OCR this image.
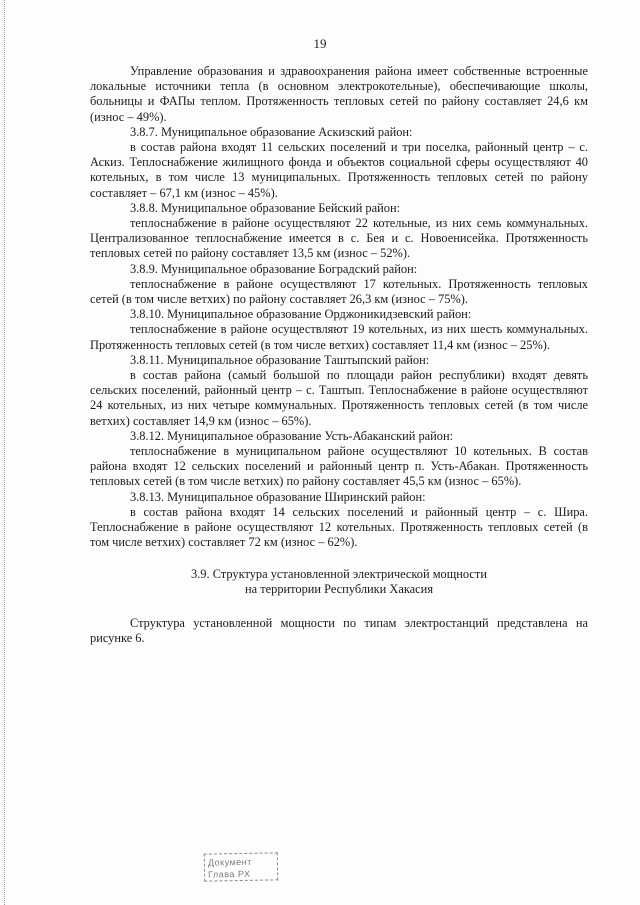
19

Управление образования и здравоохранения района имеет собственные встроенные локальные источники тепла (в основном электрокотельные), обеспечивающие школы, больницы и ФАПы теплом. Протяженность тепловых сетей по району составляет 24,6 км (износ – 49%).

3.8.7. Муниципальное образование Аскизский район:

в состав района входят 11 сельских поселений и три поселка, районный центр – с. Аскиз. Теплоснабжение жилищного фонда и объектов социальной сферы осуществляют 40 котельных, в том числе 13 муниципальных. Протяженность тепловых сетей по району составляет – 67,1 км (износ – 45%).

3.8.8. Муниципальное образование Бейский район:

теплоснабжение в районе осуществляют 22 котельные, из них семь коммунальных. Централизованное теплоснабжение имеется в с. Бея и с. Новоенисейка. Протяженность тепловых сетей по району составляет 13,5 км (износ – 52%).

3.8.9. Муниципальное образование Боградский район:

теплоснабжение в районе осуществляют 17 котельных. Протяженность тепловых сетей (в том числе ветхих) по району составляет 26,3 км (износ – 75%).

3.8.10. Муниципальное образование Орджоникидзевский район:

теплоснабжение в районе осуществляют 19 котельных, из них шесть коммунальных. Протяженность тепловых сетей (в том числе ветхих) составляет 11,4 км (износ – 25%).

3.8.11. Муниципальное образование Таштыпский район:

в состав района (самый большой по площади район республики) входят девять сельских поселений, районный центр – с. Таштып. Теплоснабжение в районе осуществляют 24 котельных, из них четыре коммунальных. Протяженность тепловых сетей (в том числе ветхих) составляет 14,9 км (износ – 65%).

3.8.12. Муниципальное образование Усть-Абаканский район:

теплоснабжение в муниципальном районе осуществляют 10 котельных. В состав района входят 12 сельских поселений и районный центр п. Усть-Абакан. Протяженность тепловых сетей (в том числе ветхих) по району составляет 45,5 км (износ – 65%).

3.8.13. Муниципальное образование Ширинский район:

в состав района входят 14 сельских поселений и районный центр – с. Шира. Теплоснабжение в районе осуществляют 12 котельных. Протяженность тепловых сетей (в том числе ветхих) составляет 72 км (износ – 62%).

3.9. Структура установленной электрической мощности
на территории Республики Хакасия

Структура установленной мощности по типам электростанций представлена на рисунке 6.

Документ
Глава РХ
